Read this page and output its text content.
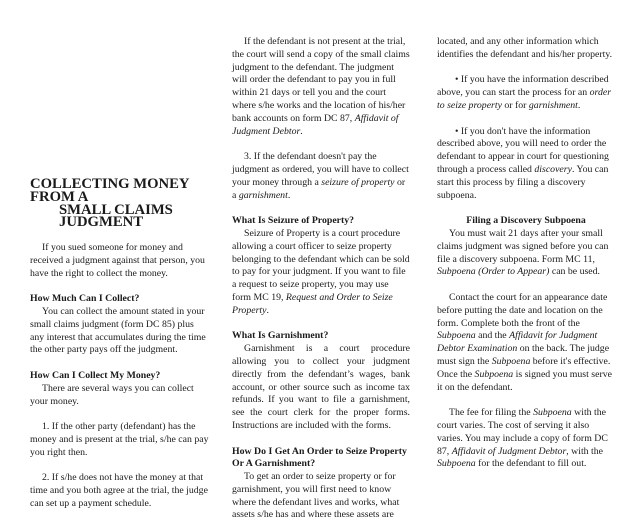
COLLECTING MONEY FROM A
SMALL CLAIMS JUDGMENT

If you sued someone for money and received a judgment against that person, you have the right to collect the money.

How Much Can I Collect?

You can collect the amount stated in your small claims judgment (form DC 85) plus any interest that accumulates during the time the other party pays off the judgment.

How Can I Collect My Money?

There are several ways you can collect your money.

1. If the other party (defendant) has the money and is present at the trial, s/he can pay you right then.

2. If s/he does not have the money at that time and you both agree at the trial, the judge can set up a payment schedule.

If the defendant is not present at the trial, the court will send a copy of the small claims judgment to the defendant. The judgment will order the defendant to pay you in full within 21 days or tell you and the court where s/he works and the location of his/her bank accounts on form DC 87, Affidavit of Judgment Debtor.

3. If the defendant doesn't pay the judgment as ordered, you will have to collect your money through a seizure of property or a garnishment.

What Is Seizure of Property?

Seizure of Property is a court procedure allowing a court officer to seize property belonging to the defendant which can be sold to pay for your judgment. If you want to file a request to seize property, you may use form MC 19, Request and Order to Seize Property.

What Is Garnishment?

Garnishment is a court procedure allowing you to collect your judgment directly from the defendant’s wages, bank account, or other source such as income tax refunds. If you want to file a garnishment, see the court clerk for the proper forms. Instructions are included with the forms.

How Do I Get An Order to Seize Property
Or A Garnishment?

To get an order to seize property or for garnishment, you will first need to know where the defendant lives and works, what assets s/he has and where these assets are

located, and any other information which identifies the defendant and his/her property.

• If you have the information described above, you can start the process for an order to seize property or for garnishment.

• If you don't have the information described above, you will need to order the defendant to appear in court for questioning through a process called discovery. You can start this process by filing a discovery subpoena.

Filing a Discovery Subpoena

You must wait 21 days after your small claims judgment was signed before you can file a discovery subpoena. Form MC 11, Subpoena (Order to Appear) can be used.

Contact the court for an appearance date before putting the date and location on the form. Complete both the front of the Subpoena and the Affidavit for Judgment Debtor Examination on the back. The judge must sign the Subpoena before it's effective. Once the Subpoena is signed you must serve it on the defendant.

The fee for filing the Subpoena with the court varies. The cost of serving it also varies. You may include a copy of form DC 87, Affidavit of Judgment Debtor, with the Subpoena for the defendant to fill out.
